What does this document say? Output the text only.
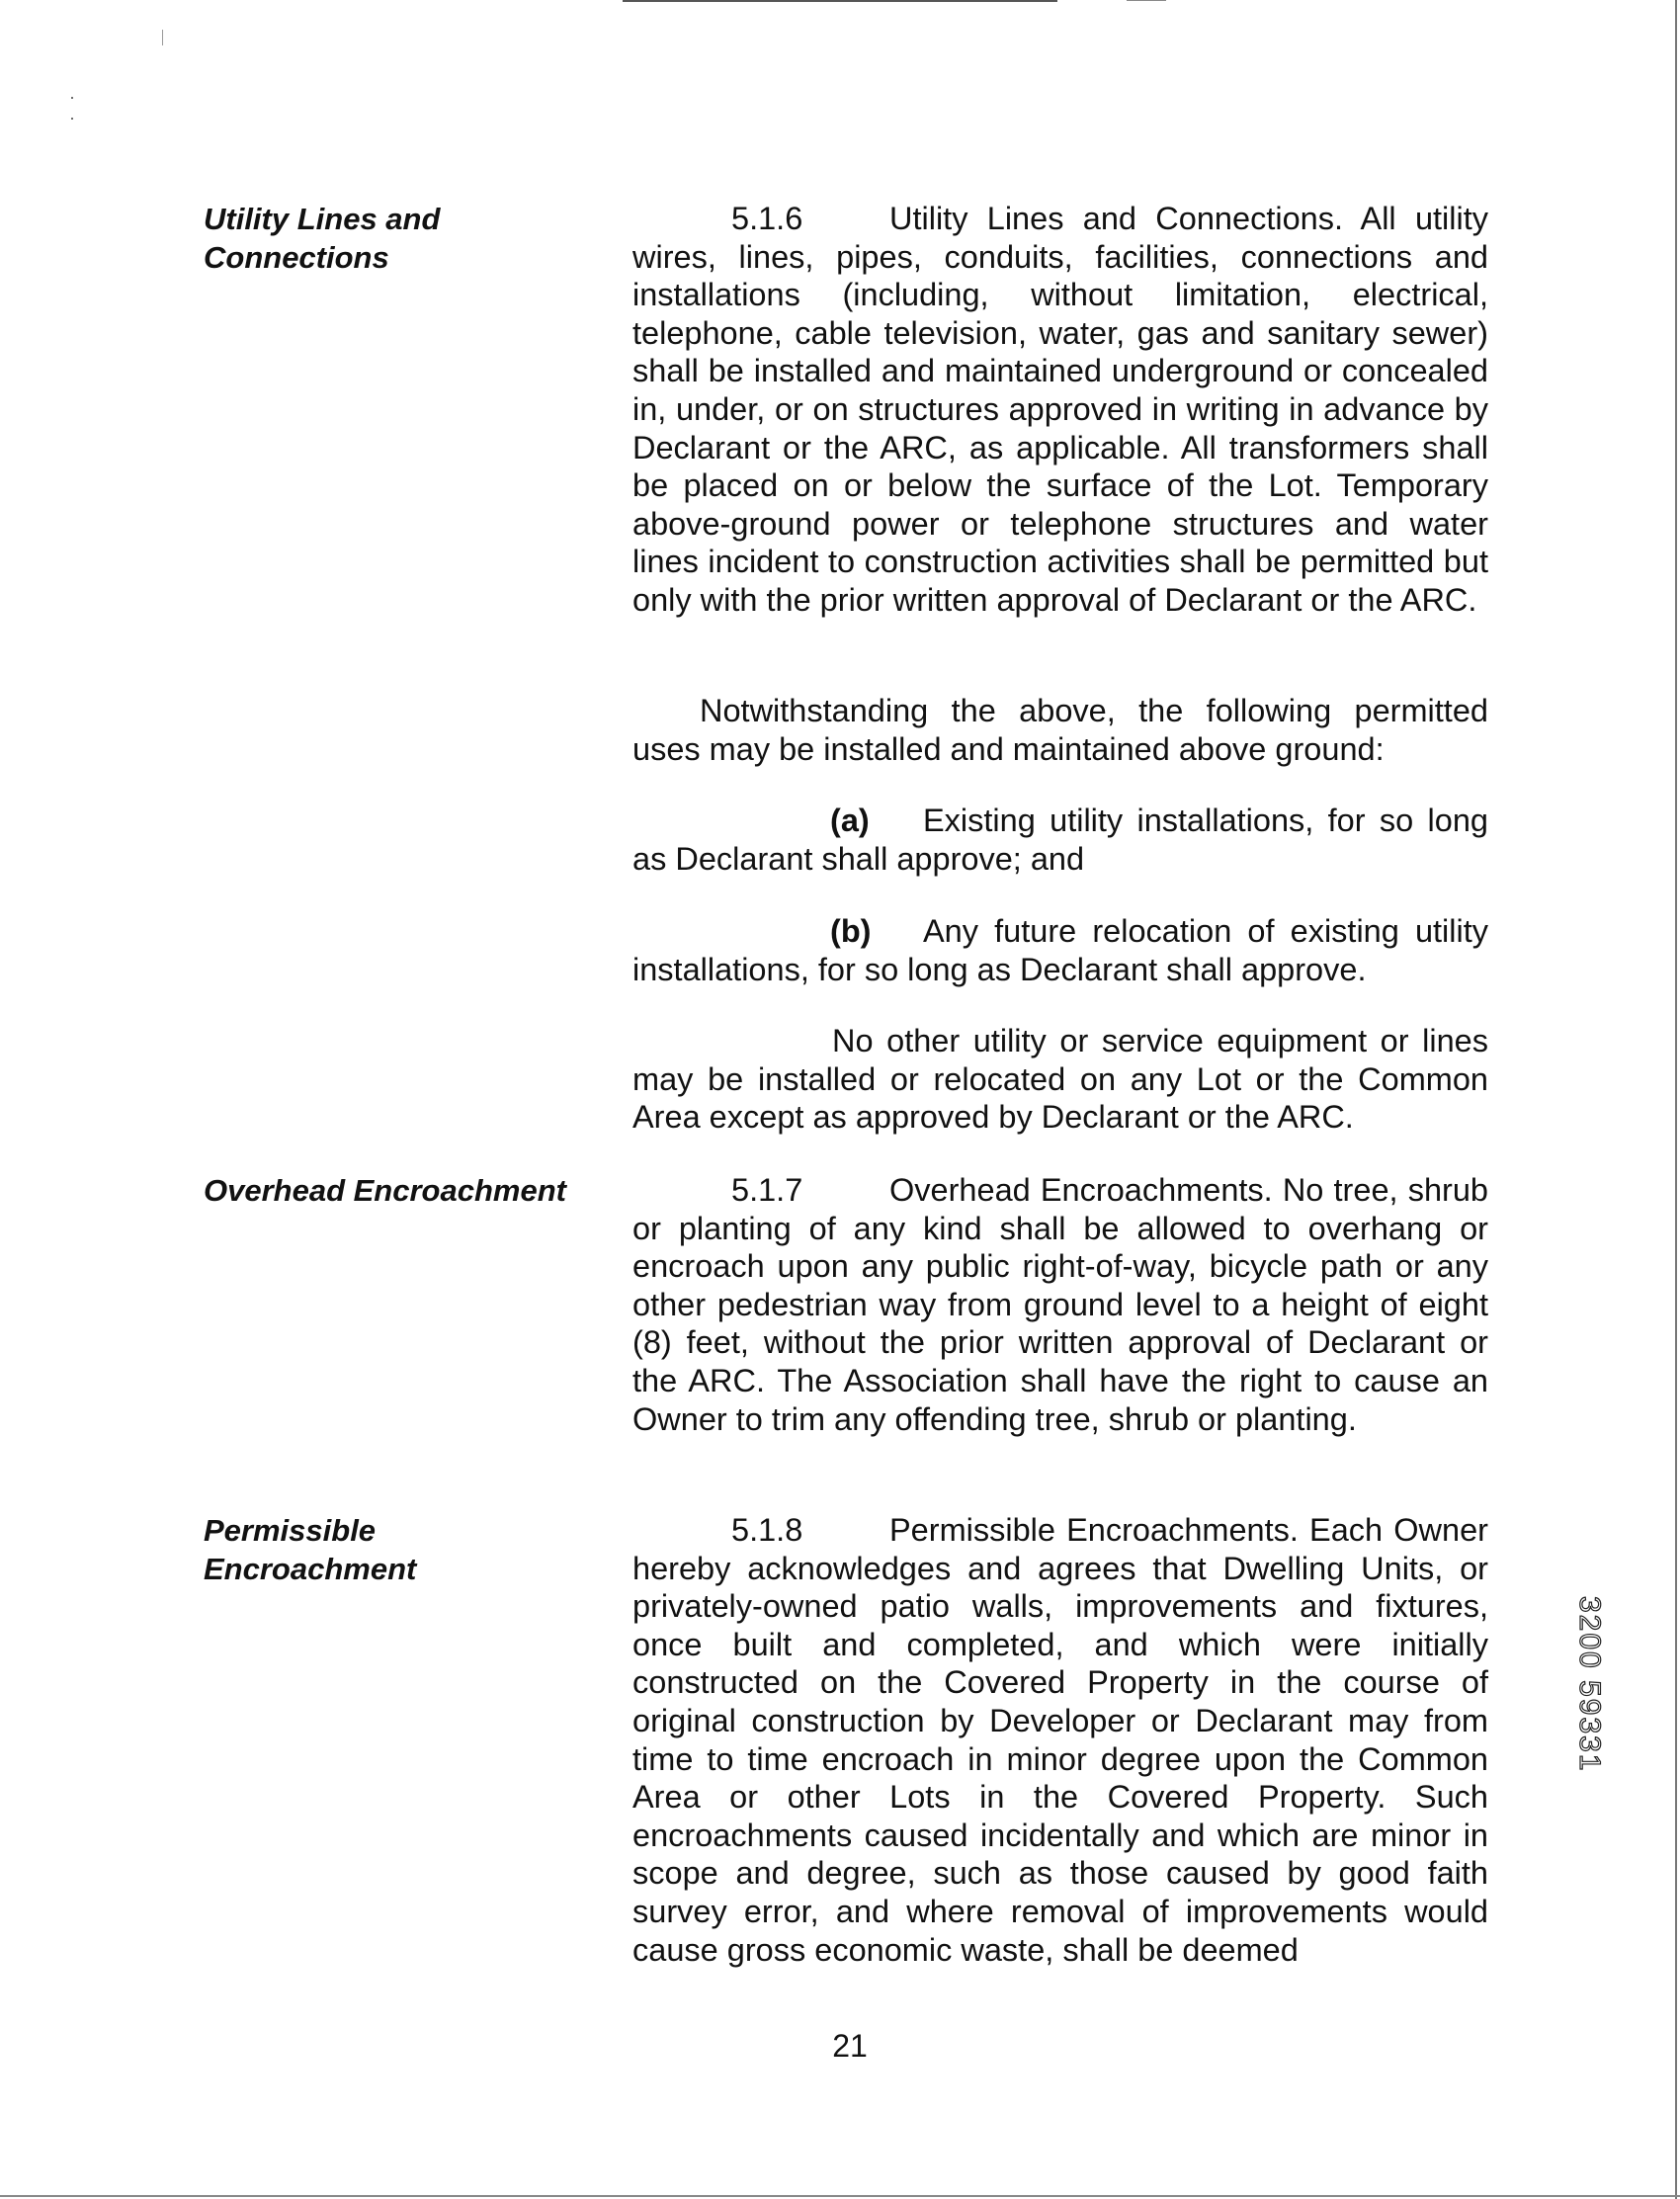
· ·
Utility Lines and
Connections
Overhead Encroachment
Permissible
Encroachment

5.1.6	Utility Lines and Connections. All utility wires, lines, pipes, conduits, facilities, connections and installations (including, without limitation, electrical, telephone, cable television, water, gas and sanitary sewer) shall be installed and maintained underground or concealed in, under, or on structures approved in writing in advance by Declarant or the ARC, as applicable. All transformers shall be placed on or below the surface of the Lot. Temporary above-ground power or telephone structures and water lines incident to construction activities shall be permitted but only with the prior written approval of Declarant or the ARC.

Notwithstanding the above, the following permitted uses may be installed and maintained above ground:

(a) Existing utility installations, for so long as Declarant shall approve; and

(b) Any future relocation of existing utility installations, for so long as Declarant shall approve.

No other utility or service equipment or lines may be installed or relocated on any Lot or the Common Area except as approved by Declarant or the ARC.

5.1.7	Overhead Encroachments. No tree, shrub or planting of any kind shall be allowed to overhang or encroach upon any public right-of-way, bicycle path or any other pedestrian way from ground level to a height of eight (8) feet, without the prior written approval of Declarant or the ARC. The Association shall have the right to cause an Owner to trim any offending tree, shrub or planting.

5.1.8	Permissible Encroachments. Each Owner hereby acknowledges and agrees that Dwelling Units, or privately-owned patio walls, improvements and fixtures, once built and completed, and which were initially constructed on the Covered Property in the course of original construction by Developer or Declarant may from time to time encroach in minor degree upon the Common Area or other Lots in the Covered Property. Such encroachments caused incidentally and which are minor in scope and degree, such as those caused by good faith survey error, and where removal of improvements would cause gross economic waste, shall be deemed

21
3200 59331
